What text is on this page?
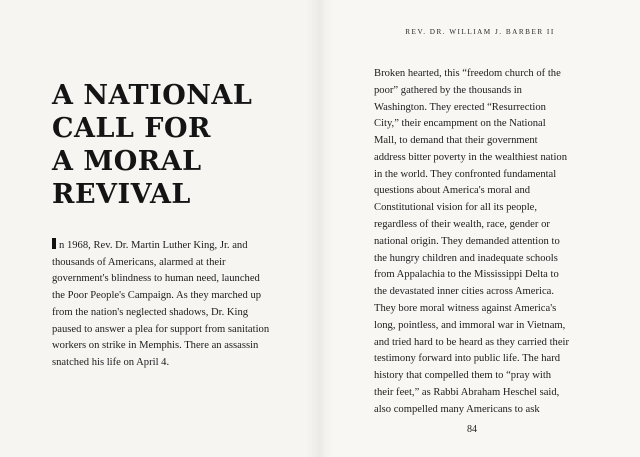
REV. DR. WILLIAM J. BARBER II
A NATIONAL
CALL FOR
A MORAL
REVIVAL

n 1968, Rev. Dr. Martin Luther King, Jr. and thousands of Americans, alarmed at their government's blindness to human need, launched the Poor People's Campaign. As they marched up from the nation's neglected shadows, Dr. King paused to answer a plea for support from sanitation workers on strike in Memphis. There an assassin snatched his life on April 4.

Broken hearted, this “freedom church of the poor” gathered by the thousands in Washington. They erected “Resurrection City,” their encampment on the National Mall, to demand that their government address bitter poverty in the wealthiest nation in the world. They confronted fundamental questions about America's moral and Constitutional vision for all its people, regardless of their wealth, race, gender or national origin. They demanded attention to the hungry children and inadequate schools from Appalachia to the Mississippi Delta to the devastated inner cities across America. They bore moral witness against America's long, pointless, and immoral war in Vietnam, and tried hard to be heard as they carried their testimony forward into public life. The hard history that compelled them to “pray with their feet,” as Rabbi Abraham Heschel said, also compelled many Americans to ask

84
